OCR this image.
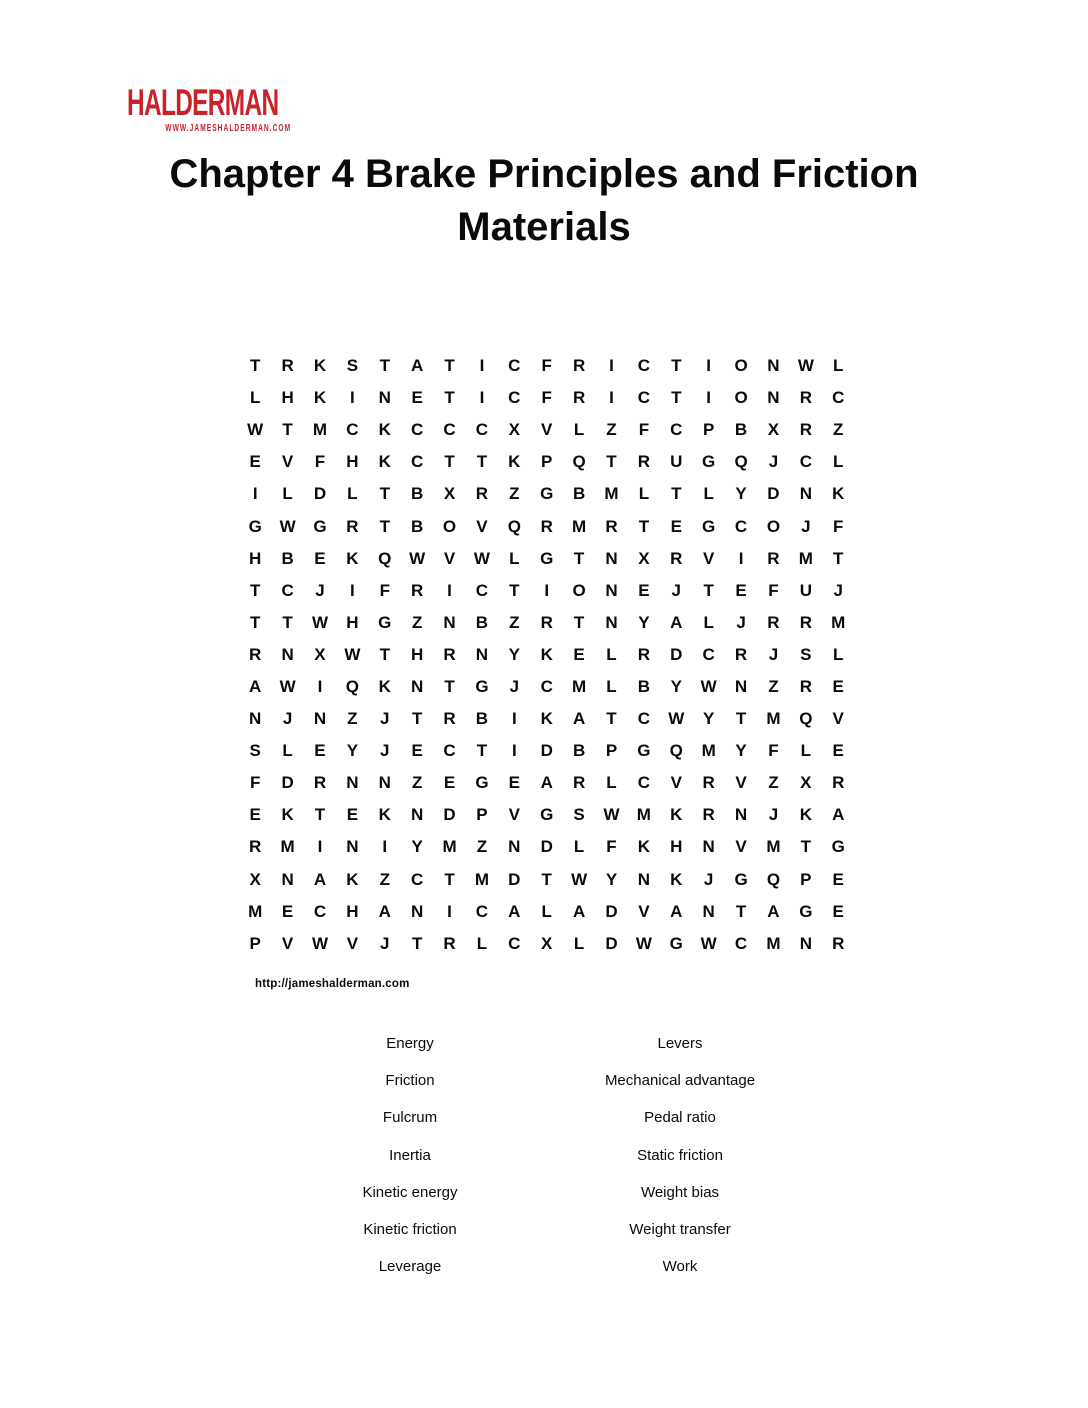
HALDERMAN
WWW.JAMESHALDERMAN.COM
Chapter 4 Brake Principles and Friction
Materials
T	R	K	S	T	A	T	I	C	F	R	I	C	T	I	O	N	W	L
L	H	K	I	N	E	T	I	C	F	R	I	C	T	I	O	N	R	C
W	T	M	C	K	C	C	C	X	V	L	Z	F	C	P	B	X	R	Z
E	V	F	H	K	C	T	T	K	P	Q	T	R	U	G	Q	J	C	L
I	L	D	L	T	B	X	R	Z	G	B	M	L	T	L	Y	D	N	K
G	W	G	R	T	B	O	V	Q	R	M	R	T	E	G	C	O	J	F
H	B	E	K	Q	W	V	W	L	G	T	N	X	R	V	I	R	M	T
T	C	J	I	F	R	I	C	T	I	O	N	E	J	T	E	F	U	J
T	T	W	H	G	Z	N	B	Z	R	T	N	Y	A	L	J	R	R	M
R	N	X	W	T	H	R	N	Y	K	E	L	R	D	C	R	J	S	L
A	W	I	Q	K	N	T	G	J	C	M	L	B	Y	W	N	Z	R	E
N	J	N	Z	J	T	R	B	I	K	A	T	C	W	Y	T	M	Q	V
S	L	E	Y	J	E	C	T	I	D	B	P	G	Q	M	Y	F	L	E
F	D	R	N	N	Z	E	G	E	A	R	L	C	V	R	V	Z	X	R
E	K	T	E	K	N	D	P	V	G	S	W	M	K	R	N	J	K	A
R	M	I	N	I	Y	M	Z	N	D	L	F	K	H	N	V	M	T	G
X	N	A	K	Z	C	T	M	D	T	W	Y	N	K	J	G	Q	P	E
M	E	C	H	A	N	I	C	A	L	A	D	V	A	N	T	A	G	E
P	V	W	V	J	T	R	L	C	X	L	D	W	G	W	C	M	N	R
http://jameshalderman.com
Energy
Friction
Fulcrum
Inertia
Kinetic energy
Kinetic friction
Leverage
Levers
Mechanical advantage
Pedal ratio
Static friction
Weight bias
Weight transfer
Work
